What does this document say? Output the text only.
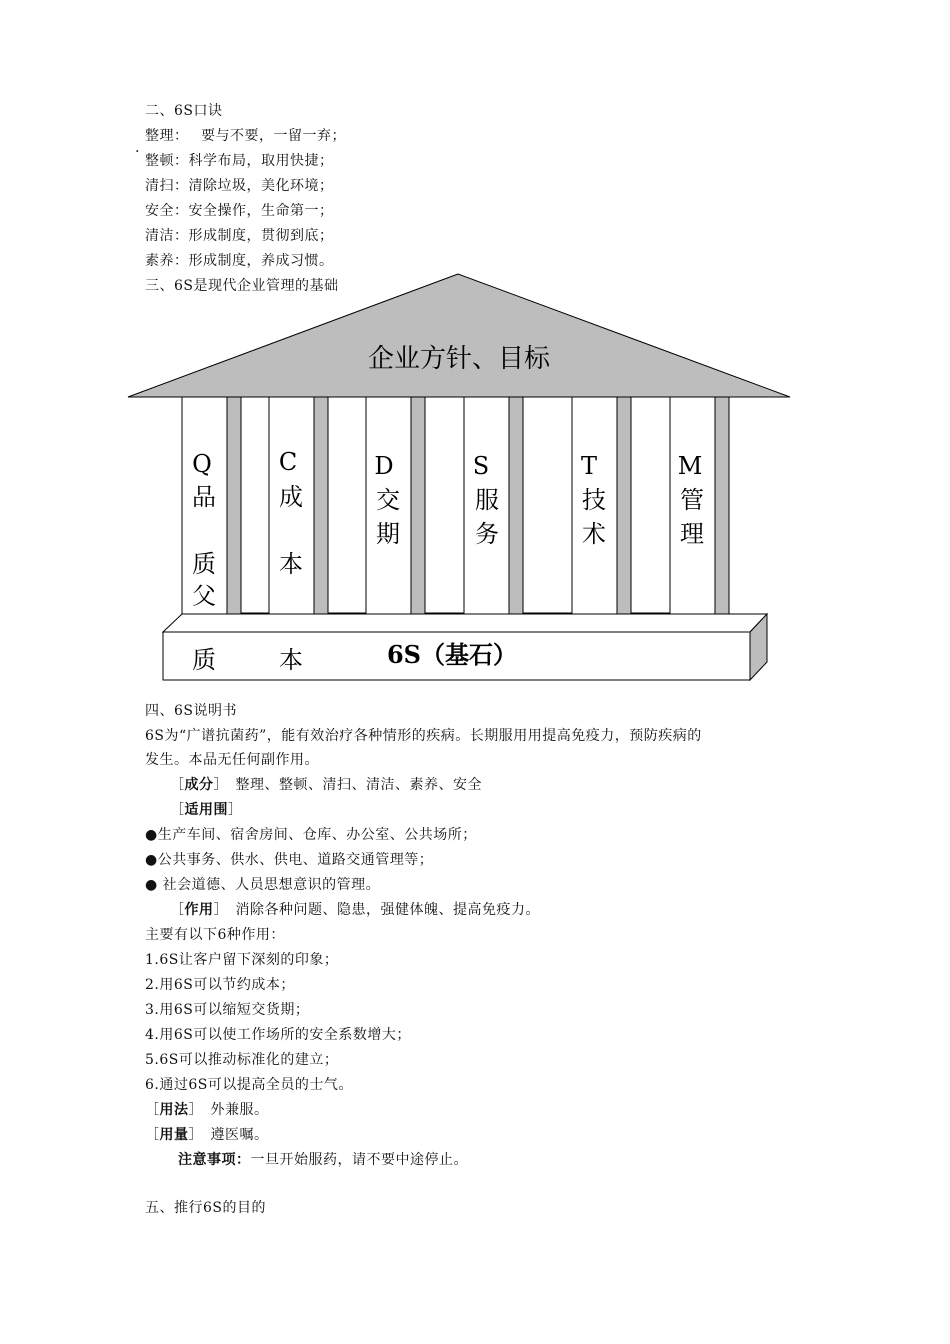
二、6S口诀
.
整理：　 要与不要，一留一弃；
整顿：科学布局，取用快捷；
清扫：清除垃圾，美化环境；
安全：安全操作，生命第一；
清洁：形成制度，贯彻到底；
素养：形成制度，养成习惯。
三、6S是现代企业管理的基础
企业方针、目标
Q
品
质
父
C
成
本
D
交
期
S
服
务
T
技
术
M
管
理
质	本	6S（基石）
四、6S说明书
6S为“广谱抗菌药”，能有效治疗各种情形的疾病。长期服用用提高免疫力，预防疾病的
发生。本品无任何副作用。
［成分］　整理、整顿、清扫、清洁、素养、安全
［适用围］
●生产车间、宿舍房间、仓库、办公室、公共场所；
●公共事务、供水、供电、道路交通管理等；
● 社会道德、人员思想意识的管理。
［作用］　消除各种问题、隐患，强健体魄、提高免疫力。
主要有以下6种作用：
1.6S让客户留下深刻的印象；
2.用6S可以节约成本；
3.用6S可以缩短交货期；
4.用6S可以使工作场所的安全系数增大；
5.6S可以推动标准化的建立；
6.通过6S可以提高全员的士气。
［用法］　外兼服。
［用量］　遵医嘱。
注意事项：一旦开始服药，请不要中途停止。
五、推行6S的目的
